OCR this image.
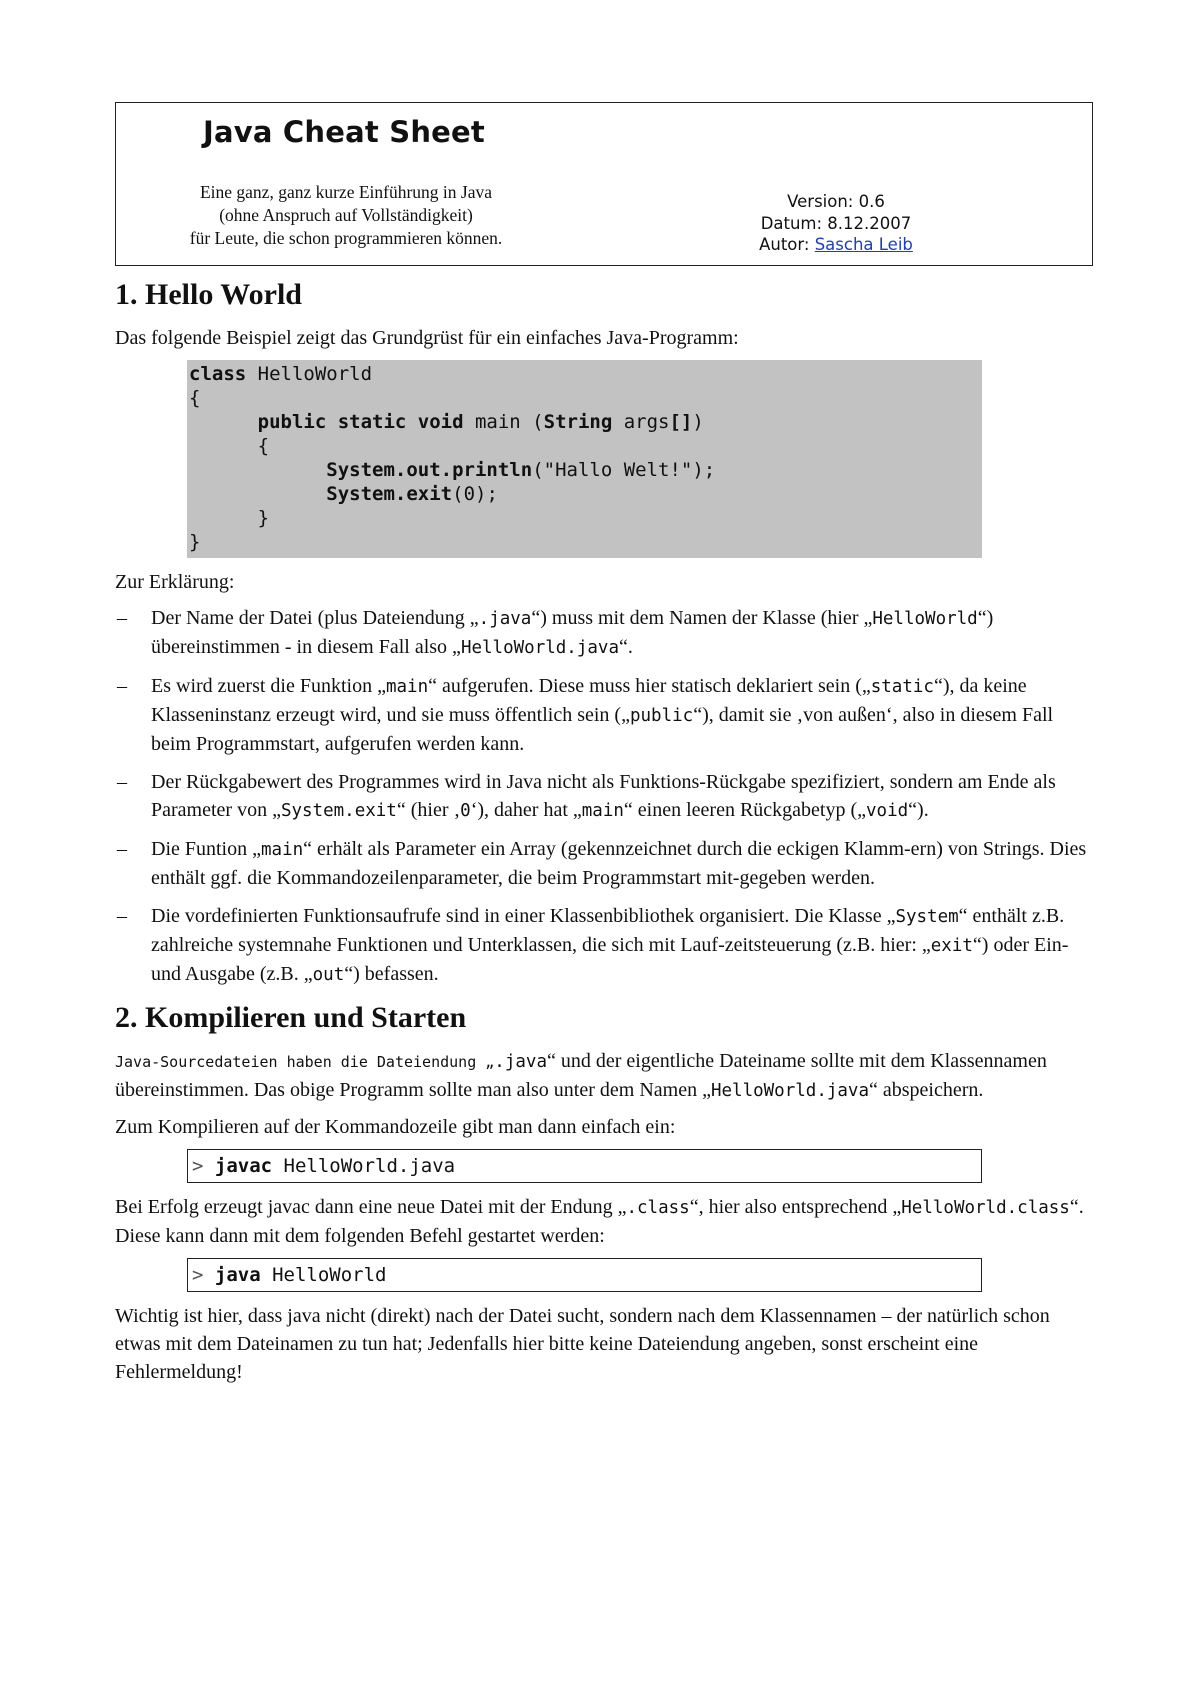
Java Cheat Sheet
Eine ganz, ganz kurze Einführung in Java
(ohne Anspruch auf Vollständigkeit)
für Leute, die schon programmieren können.
Version: 0.6
Datum: 8.12.2007
Autor: Sascha Leib
1. Hello World

Das folgende Beispiel zeigt das Grundgrüst für ein einfaches Java-Programm:

class HelloWorld
{
public static void main (String args[])
{
System.out.println("Hallo Welt!");
System.exit(0);
}
}

Zur Erklärung:

– Der Name der Datei (plus Dateiendung „.java“) muss mit dem Namen der Klasse (hier „HelloWorld“) übereinstimmen - in diesem Fall also „HelloWorld.java“.
– Es wird zuerst die Funktion „main“ aufgerufen. Diese muss hier statisch deklariert sein („static“), da keine Klasseninstanz erzeugt wird, und sie muss öffentlich sein („public“), damit sie ‚von außen‘, also in diesem Fall beim Programmstart, aufgerufen werden kann.
– Der Rückgabewert des Programmes wird in Java nicht als Funktions-Rückgabe spezifiziert, sondern am Ende als Parameter von „System.exit“ (hier ‚0‘), daher hat „main“ einen leeren Rückgabetyp („void“).
– Die Funtion „main“ erhält als Parameter ein Array (gekennzeichnet durch die eckigen Klamm-ern) von Strings. Dies enthält ggf. die Kommandozeilenparameter, die beim Programmstart mit-gegeben werden.
– Die vordefinierten Funktionsaufrufe sind in einer Klassenbibliothek organisiert. Die Klasse „System“ enthält z.B. zahlreiche systemnahe Funktionen und Unterklassen, die sich mit Lauf-zeitsteuerung (z.B. hier: „exit“) oder Ein- und Ausgabe (z.B. „out“) befassen.
2. Kompilieren und Starten

Java-Sourcedateien haben die Dateiendung „.java“ und der eigentliche Dateiname sollte mit dem Klassennamen übereinstimmen. Das obige Programm sollte man also unter dem Namen „HelloWorld.java“ abspeichern.

Zum Kompilieren auf der Kommandozeile gibt man dann einfach ein:

> javac HelloWorld.java

Bei Erfolg erzeugt javac dann eine neue Datei mit der Endung „.class“, hier also entsprechend „HelloWorld.class“. Diese kann dann mit dem folgenden Befehl gestartet werden:

> java HelloWorld

Wichtig ist hier, dass java nicht (direkt) nach der Datei sucht, sondern nach dem Klassennamen – der natürlich schon etwas mit dem Dateinamen zu tun hat; Jedenfalls hier bitte keine Dateiendung angeben, sonst erscheint eine Fehlermeldung!
